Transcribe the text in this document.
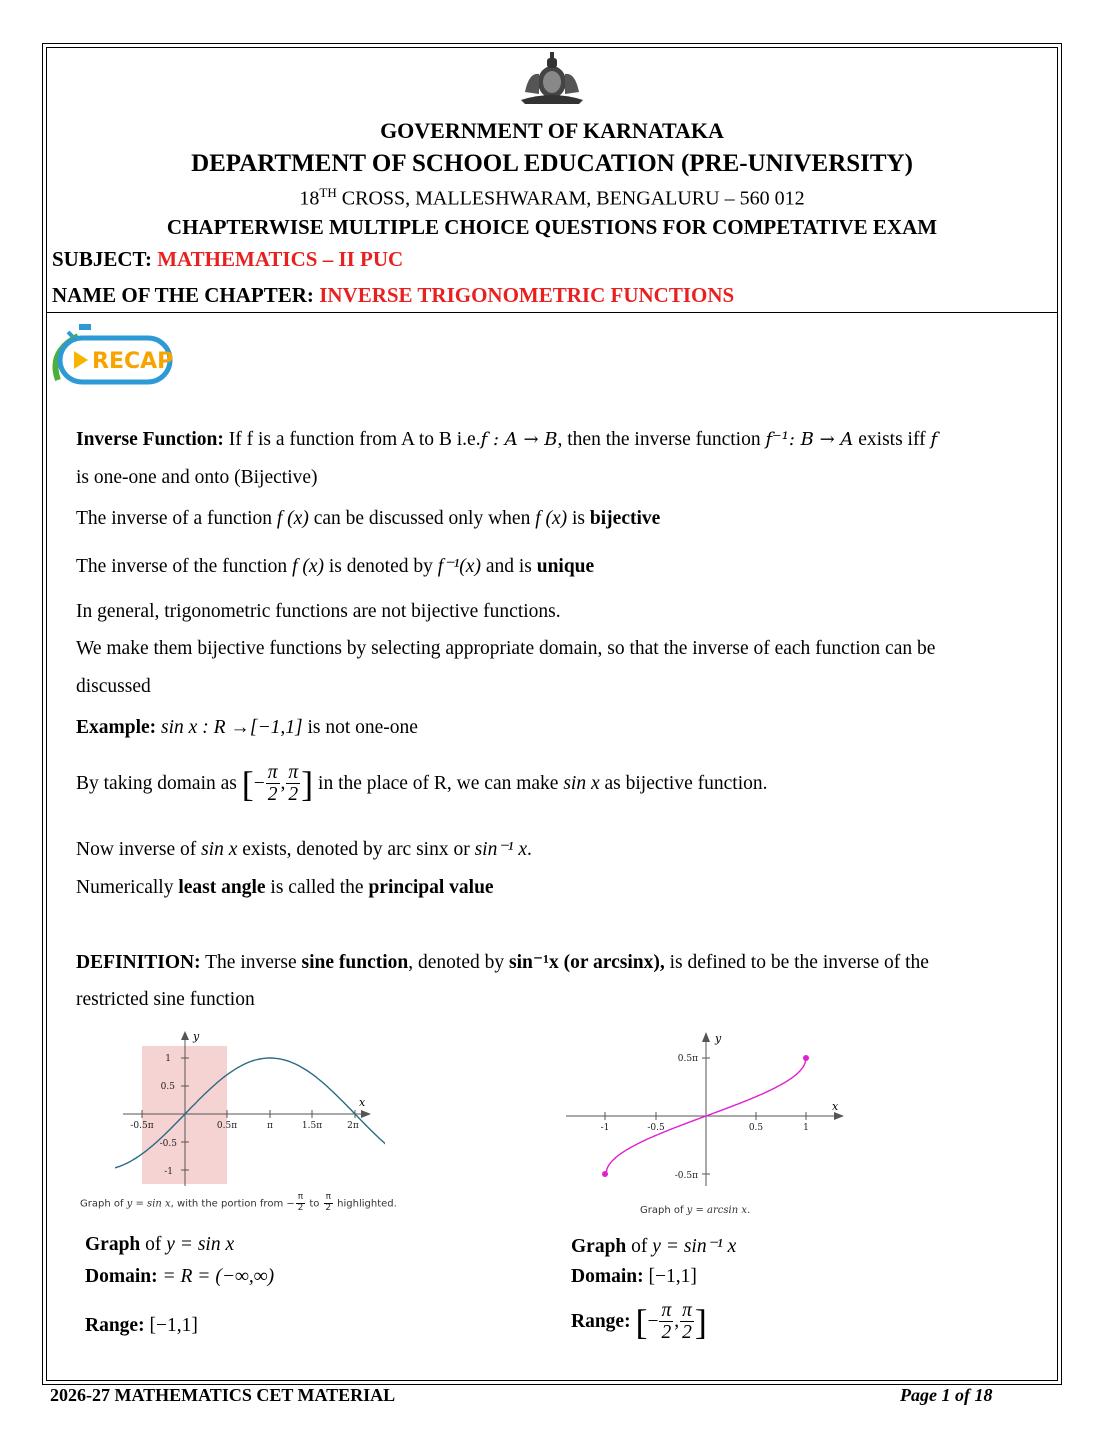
GOVERNMENT OF KARNATAKA
DEPARTMENT OF SCHOOL EDUCATION (PRE-UNIVERSITY)
18TH CROSS, MALLESHWARAM, BENGALURU – 560 012
CHAPTERWISE MULTIPLE CHOICE QUESTIONS FOR COMPETATIVE EXAM
SUBJECT: MATHEMATICS – II PUC
NAME OF THE CHAPTER: INVERSE TRIGONOMETRIC FUNCTIONS
RECAP
Inverse Function: If f is a function from A to B i.e.f : A → B, then the inverse function f⁻¹: B → A exists iff f
is one-one and onto (Bijective)
The inverse of a function f (x) can be discussed only when f (x) is bijective
The inverse of the function f (x) is denoted by f⁻¹(x) and is unique
In general, trigonometric functions are not bijective functions.
We make them bijective functions by selecting appropriate domain, so that the inverse of each function can be
discussed
Example: sin x : R →[−1,1] is not one-one
By taking domain as [− $\frac{\pi}{2}$ , $\frac{\pi}{2}$ ] in the place of R, we can make sin x as bijective function.
Now inverse of sin x exists, denoted by arc sinx or sin⁻¹ x.
Numerically least angle is called the principal value
DEFINITION: The inverse sine function, denoted by sin⁻¹x (or arcsinx), is defined to be the inverse of the
restricted sine function
y
x
1
0.5
-0.5
-1
-0.5π	0.5π	π	1.5π	2π
Graph of y = sin x, with the portion from − $\frac{\pi}{2}$ to $\frac{\pi}{2}$ highlighted.
y
x
0.5π
-0.5π
-1	-0.5	0.5	1
Graph of y = arcsin x.
Graph of y = sin x
Domain: = R = (−∞,∞)
Range: [−1,1]
Graph of y = sin⁻¹ x
Domain: [−1,1]
Range: [− $\frac{\pi}{2}$ , $\frac{\pi}{2}$ ]
2026-27 MATHEMATICS CET MATERIAL	Page 1 of 18
